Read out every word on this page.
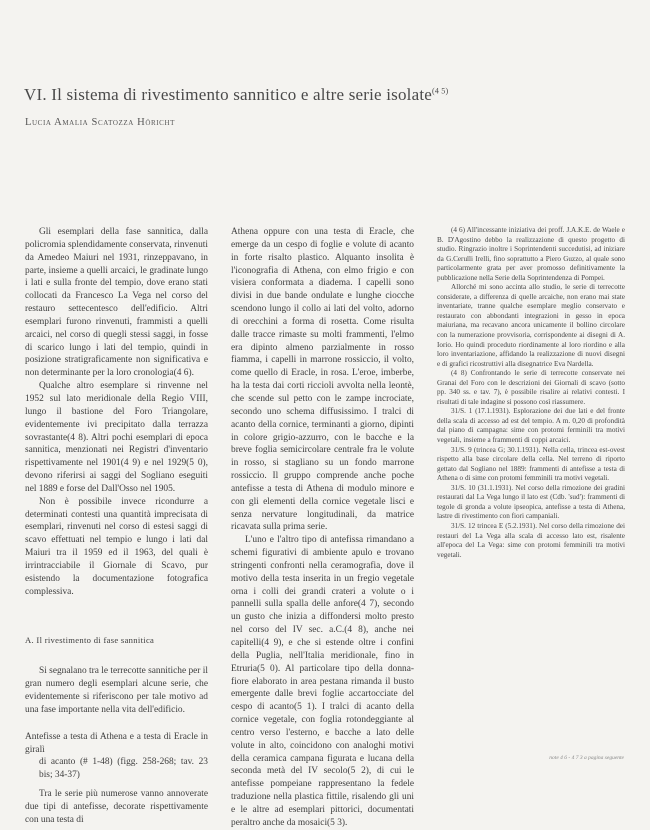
VI. Il sistema di rivestimento sannitico e altre serie isolate$^{(4 5)}$
Lucia Amalia Scatozza Höricht

Gli esemplari della fase sannitica, dalla policromia splendidamente conservata, rinvenuti da Amedeo Maiuri nel 1931, rinzeppavano, in parte, insieme a quelli arcaici, le gradinate lungo i lati e sulla fronte del tempio, dove erano stati collocati da Francesco La Vega nel corso del restauro settecentesco dell'edificio. Altri esemplari furono rinvenuti, frammisti a quelli arcaici, nel corso di quegli stessi saggi, in fosse di scarico lungo i lati del tempio, quindi in posizione stratigraficamente non significativa e non determinante per la loro cronologia(4 6).

Qualche altro esemplare si rinvenne nel 1952 sul lato meridionale della Regio VIII, lungo il bastione del Foro Triangolare, evidentemente ivi precipitato dalla terrazza sovrastante(4 8). Altri pochi esemplari di epoca sannitica, menzionati nei Registri d'inventario rispettivamente nel 1901(4 9) e nel 1929(5 0), devono riferirsi ai saggi del Sogliano eseguiti nel 1889 e forse del Dall'Osso nel 1905.

Non è possibile invece ricondurre a determinati contesti una quantità imprecisata di esemplari, rinvenuti nel corso di estesi saggi di scavo effettuati nel tempio e lungo i lati dal Maiuri tra il 1959 ed il 1963, del quali è irrintracciabile il Giornale di Scavo, pur esistendo la documentazione fotografica complessiva.

A. Il rivestimento di fase sannitica

Si segnalano tra le terrecotte sannitiche per il gran numero degli esemplari alcune serie, che evidentemente si riferiscono per tale motivo ad una fase importante nella vita dell'edificio.

Antefisse a testa di Athena e a testa di Eracle in giralì
di acanto (# 1-48) (figg. 258-268; tav. 23 bis; 34-37)

Tra le serie più numerose vanno annoverate due tipi di antefisse, decorate rispettivamente con una testa di

Athena oppure con una testa di Eracle, che emerge da un cespo di foglie e volute di acanto in forte risalto plastico. Alquanto insolita è l'iconografia di Athena, con elmo frigio e con visiera conformata a diadema. I capelli sono divisi in due bande ondulate e lunghe ciocche scendono lungo il collo ai lati del volto, adorno di orecchini a forma di rosetta. Come risulta dalle tracce rimaste su molti frammenti, l'elmo era dipinto almeno parzialmente in rosso fiamma, i capelli in marrone rossiccio, il volto, come quello di Eracle, in rosa. L'eroe, imberbe, ha la testa dai corti riccioli avvolta nella leontè, che scende sul petto con le zampe incrociate, secondo uno schema diffusissimo. I tralci di acanto della cornice, terminanti a giorno, dipinti in colore grigio-azzurro, con le bacche e la breve foglia semicircolare centrale fra le volute in rosso, si stagliano su un fondo marrone rossiccio. Il gruppo comprende anche poche antefisse a testa di Athena di modulo minore e con gli elementi della cornice vegetale lisci e senza nervature longitudinali, da matrice ricavata sulla prima serie.

L'uno e l'altro tipo di antefissa rimandano a schemi figurativi di ambiente apulo e trovano stringenti confronti nella ceramografia, dove il motivo della testa inserita in un fregio vegetale orna i colli dei grandi crateri a volute o i pannelli sulla spalla delle anfore(4 7), secondo un gusto che inizia a diffondersi molto presto nel corso del IV sec. a.C.(4 8), anche nei capitelli(4 9), e che si estende oltre i confini della Puglia, nell'Italia meridionale, fino in Etruria(5 0). Al particolare tipo della donna-fiore elaborato in area pestana rimanda il busto emergente dalle brevi foglie accartocciate del cespo di acanto(5 1). I tralci di acanto della cornice vegetale, con foglia rotondeggiante al centro verso l'esterno, e bacche a lato delle volute in alto, coincidono con analoghi motivi della ceramica campana figurata e lucana della seconda metà del IV secolo(5 2), di cui le antefisse pompeiane rappresentano la fedele traduzione nella plastica fittile, risalendo gli uni e le altre ad esemplari pittorici, documentati peraltro anche da mosaici(5 3).

(4 6) All'incessante iniziativa dei proff. J.A.K.E. de Waele e B. D'Agostino debbo la realizzazione di questo progetto di studio. Ringrazio inoltre i Soprintendenti succedutisi, ad iniziare da G.Cerulli Irelli, fino soprattutto a Piero Guzzo, al quale sono particolarmente grata per aver promosso definitivamente la pubblicazione nella Serie della Soprintendenza di Pompei.

Allorché mi sono accinta allo studio, le serie di terrecotte considerate, a differenza di quelle arcaiche, non erano mai state inventariate, tranne qualche esemplare meglio conservato e restaurato con abbondanti integrazioni in gesso in epoca maiuriana, ma recavano ancora unicamente il bollino circolare con la numerazione provvisoria, corrispondente ai disegni di A. Iorio. Ho quindi proceduto riordinamente al loro riordino e alla loro inventariazione, affidando la realizzazione di nuovi disegni e di grafici ricostruttivi alla disegnatrice Eva Nardella.

(4 8) Confrontando le serie di terrecotte conservate nei Granai del Foro con le descrizioni dei Giornali di scavo (sotto pp. 340 ss. e tav. 7), è possibile risalire ai relativi contesti. I risultati di tale indagine si possono così riassumere.

31/S. 1 (17.1.1931). Esplorazione dei due lati e del fronte della scala di accesso ad est del tempio. A m. 0,20 di profondità dal piano di campagna: sime con protomi ferminili tra motivi vegetali, insieme a frammenti di coppi arcaici.

31/S. 9 (trincea G; 30.1.1931). Nella cella, trincea est-ovest rispetto alla base circolare della cella. Nel terreno di riporto gettato dal Sogliano nel 1889: frammenti di antefisse a testa di Athena o di sime con protomi femminili tra motivi vegetali.

31/S. 10 (31.1.1931). Nel corso della rimozione dei gradini restaurati dal La Vega lungo il lato est (Cdb. 'sud'): frammenti di tegole di gronda a volute ipseopica, antefisse a testa di Athena, lastre di rivestimento con fiori campaniali.

31/S. 12 trincea E (5.2.1931). Nel corso della rimozione dei restauri del La Vega alla scala di accesso lato est, risalente all'epoca del La Vega: sime con protomi femminili tra motivi vegetali.

note 4 6 - 4 7 3 a pagina seguente
